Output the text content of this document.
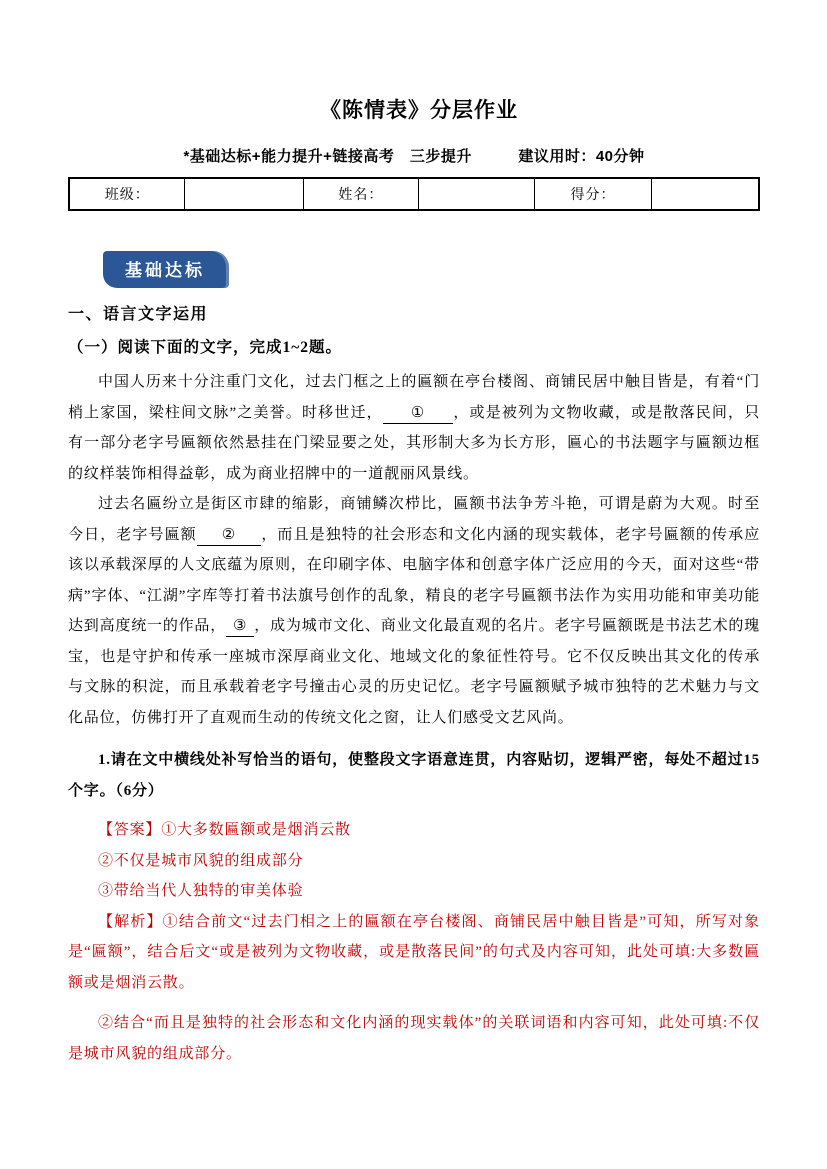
《陈情表》分层作业
*基础达标+能力提升+链接高考　三步提升　　　建议用时：40分钟
班级：		姓名：		得分：	
基础达标

一、语言文字运用

（一）阅读下面的文字，完成1~2题。

中国人历来十分注重门文化，过去门框之上的匾额在亭台楼阁、商铺民居中触目皆是，有着“门梢上家国，梁柱间文脉”之美誉。时移世迁， ① ，或是被列为文物收藏，或是散落民间，只有一部分老字号匾额依然悬挂在门梁显要之处，其形制大多为长方形，匾心的书法题字与匾额边框的纹样装饰相得益彰，成为商业招牌中的一道靓丽风景线。

过去名匾纷立是街区市肆的缩影，商铺鳞次栉比，匾额书法争芳斗艳，可谓是蔚为大观。时至今日，老字号匾额 ② ，而且是独特的社会形态和文化内涵的现实载体，老字号匾额的传承应该以承载深厚的人文底蕴为原则，在印刷字体、电脑字体和创意字体广泛应用的今天，面对这些“带病”字体、“江湖”字库等打着书法旗号创作的乱象，精良的老字号匾额书法作为实用功能和审美功能达到高度统一的作品， ③ ，成为城市文化、商业文化最直观的名片。老字号匾额既是书法艺术的瑰宝，也是守护和传承一座城市深厚商业文化、地域文化的象征性符号。它不仅反映出其文化的传承与文脉的积淀，而且承载着老字号撞击心灵的历史记忆。老字号匾额赋予城市独特的艺术魅力与文化品位，仿佛打开了直观而生动的传统文化之窗，让人们感受文艺风尚。

1.请在文中横线处补写恰当的语句，使整段文字语意连贯，内容贴切，逻辑严密，每处不超过15个字。（6分）

【答案】①大多数匾额或是烟消云散

②不仅是城市风貌的组成部分

③带给当代人独特的审美体验

【解析】①结合前文“过去门相之上的匾额在亭台楼阁、商铺民居中触目皆是”可知，所写对象是“匾额”，结合后文“或是被列为文物收藏，或是散落民间”的句式及内容可知，此处可填:大多数匾额或是烟消云散。

②结合“而且是独特的社会形态和文化内涵的现实载体”的关联词语和内容可知，此处可填:不仅是城市风貌的组成部分。
